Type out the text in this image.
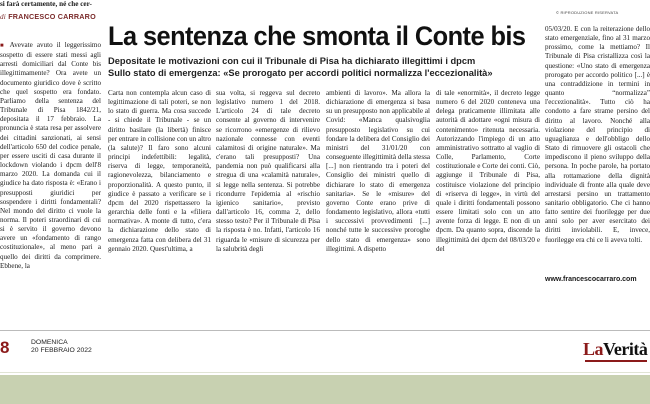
si farà certamente, né che cer-
di FRANCESCO CARRARO
■ Avevate avuto il leggerissimo sospetto di essere stati messi agli arresti domiciliari dal Conte bis illegittimamente? Ora avete un documento giuridico dove è scritto che quel sospetto era fondato. Parliamo della sentenza del Tribunale di Pisa 1842/21, depositata il 17 febbraio. La pronuncia è stata resa per assolvere dei cittadini sanzionati, ai sensi dell'articolo 650 del codice penale, per essere usciti di casa durante il lockdown violando i dpcm dell'8 marzo 2020. La domanda cui il giudice ha dato risposta è: «Erano i presupposti giuridici per sospendere i diritti fondamentali? Nel mondo del diritto ci vuole la norma. Il poteri straordinari di cui si è servito il governo devono avere un «fondamento di rango costituzionale», al meno pari a quello dei diritti da comprimere. Ebbene, la
La sentenza che smonta il Conte bis
Depositate le motivazioni con cui il Tribunale di Pisa ha dichiarato illegittimi i dpcm
Sullo stato di emergenza: «Se prorogato per accordi politici normalizza l'eccezionalità»
Carta non contempla alcun caso di legittimazione di tali poteri, se non lo stato di guerra. Ma cosa succede - si chiede il Tribunale - se un diritto basilare (la libertà) finisce per entrare in collisione con un altro (la salute)? Il faro sono alcuni principi indefettibili: legalità, riserva di legge, temporaneità, ragionevolezza, bilanciamento e proporzionalità. A questo punto, il giudice è passato a verificare se i dpcm del 2020 rispettassero la gerarchia delle fonti e la «filiera normativa». A monte di tutto, c'era la dichiarazione dello stato di emergenza fatta con delibera del 31 gennaio 2020. Quest'ultima, a
sua volta, si reggeva sul decreto legislativo numero 1 del 2018. L'articolo 24 di tale decreto consente al governo di intervenire se ricorrono «emergenze di rilievo nazionale connesse con eventi calamitosi di origine naturale». Ma c'erano tali presupposti? Una pandemia non può qualificarsi alla stregua di una «calamità naturale», si legge nella sentenza. Si potrebbe ricondurre l'epidemia al «rischio igienico sanitario», previsto dall'articolo 16, comma 2, dello stesso testo? Per il Tribunale di Pisa la risposta è no. Infatti, l'articolo 16 riguarda le «misure di sicurezza per la salubrità degli
ambienti di lavoro». Ma allora la dichiarazione di emergenza si basa su un presupposto non applicabile al Covid: «Manca qualsivoglia presupposto legislativo su cui fondare la delibera del Consiglio dei ministri del 31/01/20 con conseguente illegittimità della stessa [...] non rientrando tra i poteri del Consiglio dei ministri quello di dichiarare lo stato di emergenza sanitaria». Se le «misure» del governo Conte erano prive di fondamento legislativo, allora «tutti i successivi provvedimenti [...] nonché tutte le successive proroghe dello stato di emergenza» sono illegittimi. A dispetto
di tale «enormità», il decreto legge numero 6 del 2020 conteneva una delega praticamente illimitata alle autorità di adottare «ogni misura di contenimento» ritenuta necessaria. Autorizzando l'impiego di un atto amministrativo sottratto al vaglio di Colle, Parlamento, Corte costituzionale e Corte dei conti. Ciò, aggiunge il Tribunale di Pisa, costituisce violazione del principio di «riserva di legge», in virtù del quale i diritti fondamentali possono essere limitati solo con un atto avente forza di legge. E non di un dpcm. Da quanto sopra, discende la illegittimità dei dpcm del 08/03/20 e del
© RIPRODUZIONE RISERVATA
05/03/20. E con la reiterazione dello stato emergenziale, fino al 31 marzo prossimo, come la mettiamo? Il Tribunale di Pisa cristallizza così la questione: «Uno stato di emergenza prorogato per accordo politico [...] è una contraddizione in termini in quanto “normalizza” l'eccezionalità». Tutto ciò ha condotto a fare strame persino del diritto al lavoro. Nonché alla violazione del principio di uguaglianza e dell'obbligo dello Stato di rimuovere gli ostacoli che impediscono il pieno sviluppo della persona. In poche parole, ha portato alla rottamazione della dignità individuale di fronte alla quale deve arrestarsi persino un trattamento sanitario obbligatorio. Che ci hanno fatto sentire dei fuorilegge per due anni solo per aver esercitato dei diritti inviolabili. E, invece, fuorilegge era chi ce li aveva tolti.
www.francescocarraro.com
8	DOMENICA
20 FEBBRAIO 2022	LaVerità
